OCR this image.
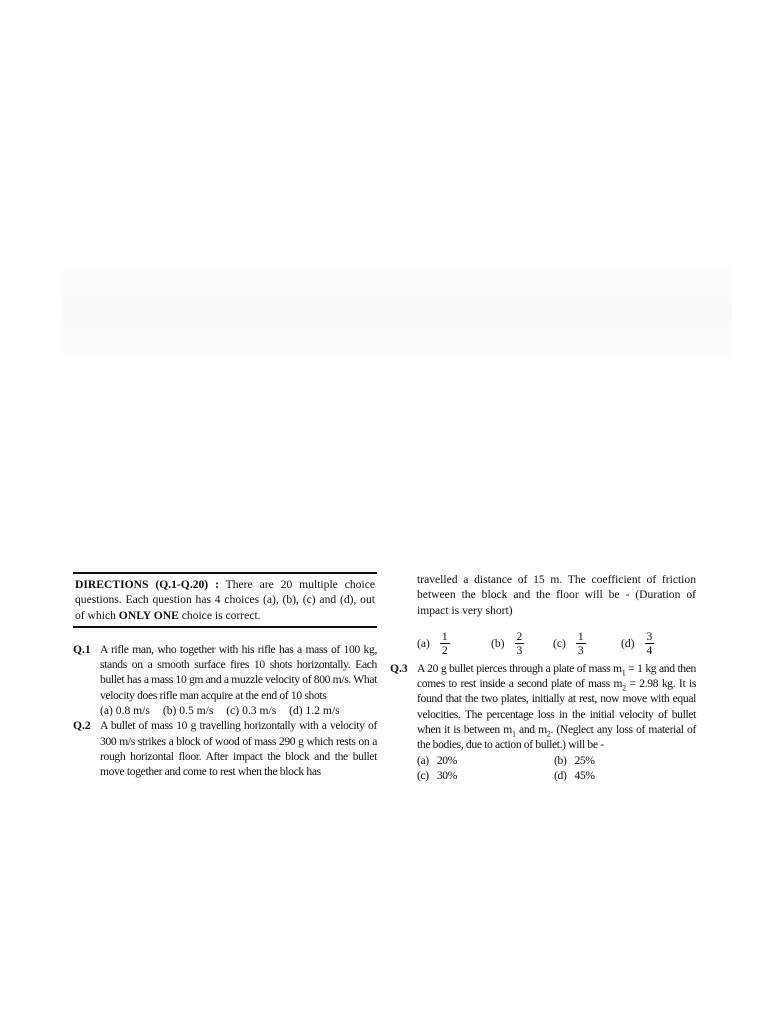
DIRECTIONS (Q.1-Q.20) : There are 20 multiple choice questions. Each question has 4 choices (a), (b), (c) and (d), out of which ONLY ONE choice is correct.
Q.1 A rifle man, who together with his rifle has a mass of 100 kg, stands on a smooth surface fires 10 shots horizontally. Each bullet has a mass 10 gm and a muzzle velocity of 800 m/s. What velocity does rifle man acquire at the end of 10 shots
(a) 0.8 m/s (b) 0.5 m/s (c) 0.3 m/s (d) 1.2 m/s
Q.2 A bullet of mass 10 g travelling horizontally with a velocity of 300 m/s strikes a block of wood of mass 290 g which rests on a rough horizontal floor. After impact the block and the bullet move together and come to rest when the block has
travelled a distance of 15 m. The coefficient of friction between the block and the floor will be - (Duration of impact is very short)
$(a) \frac{1}{2}$	$(b) \frac{2}{3} (c) \frac{1}{3}$	$(d) \frac{3}{4}$
Q.3 A 20 g bullet pierces through a plate of mass $m_1 = 1$ kg and then comes to rest inside a second plate of mass $m_2 = 2.98$ kg. It is found that the two plates, initially at rest, now move with equal velocities. The percentage loss in the initial velocity of bullet when it is between $m_1$ and $m_2$. (Neglect any loss of material of the bodies, due to action of bullet.) will be -
(a) 20%	(b) 25%
(c) 30%	(d) 45%
